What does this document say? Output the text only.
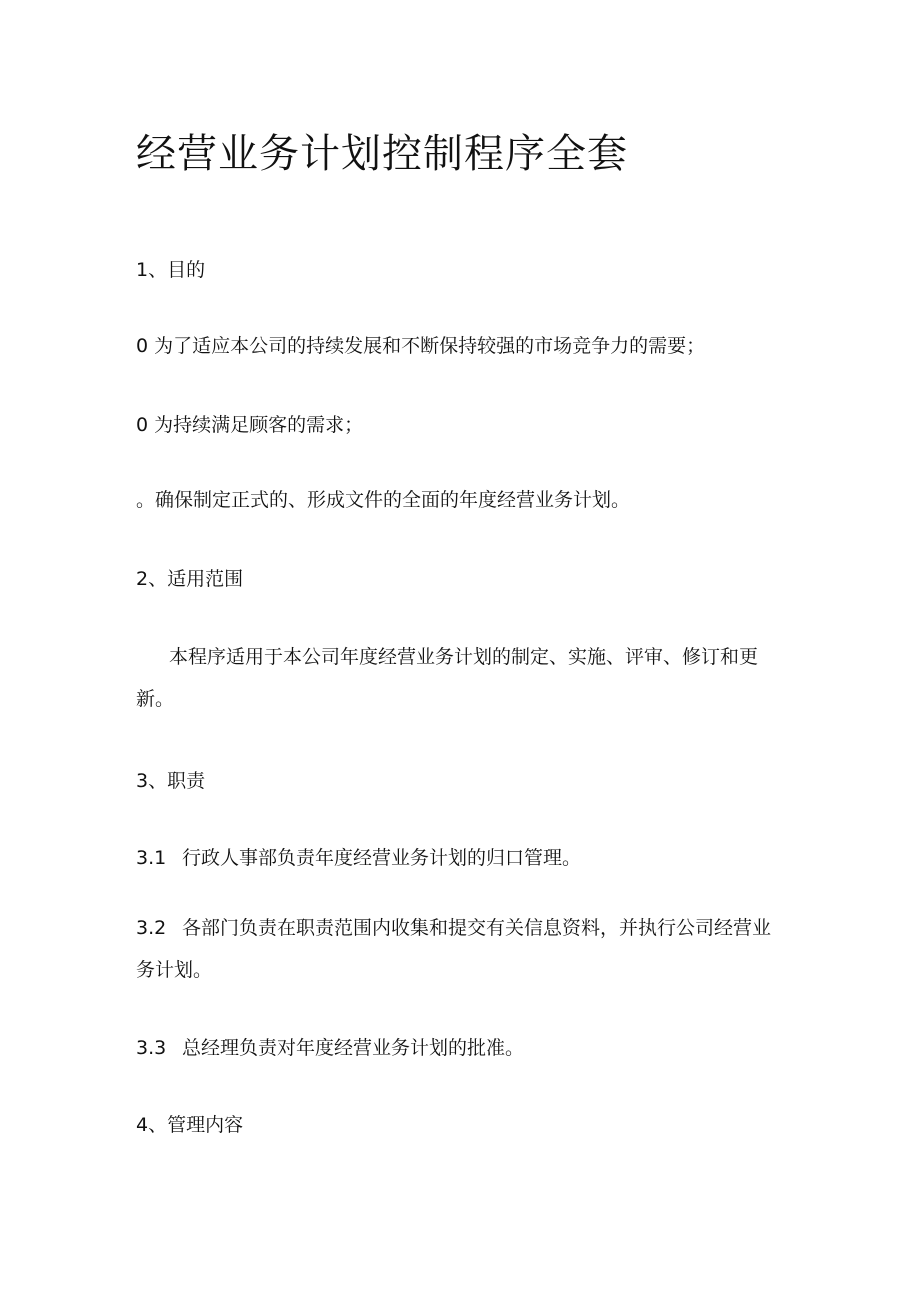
经营业务计划控制程序全套

1、目的

0 为了适应本公司的持续发展和不断保持较强的市场竞争力的需要；

0 为持续满足顾客的需求；

。确保制定正式的、形成文件的全面的年度经营业务计划。

2、适用范围

本程序适用于本公司年度经营业务计划的制定、实施、评审、修订和更新。

3、职责

3.1 行政人事部负责年度经营业务计划的归口管理。

3.2 各部门负责在职责范围内收集和提交有关信息资料，并执行公司经营业务计划。

3.3 总经理负责对年度经营业务计划的批准。

4、管理内容
